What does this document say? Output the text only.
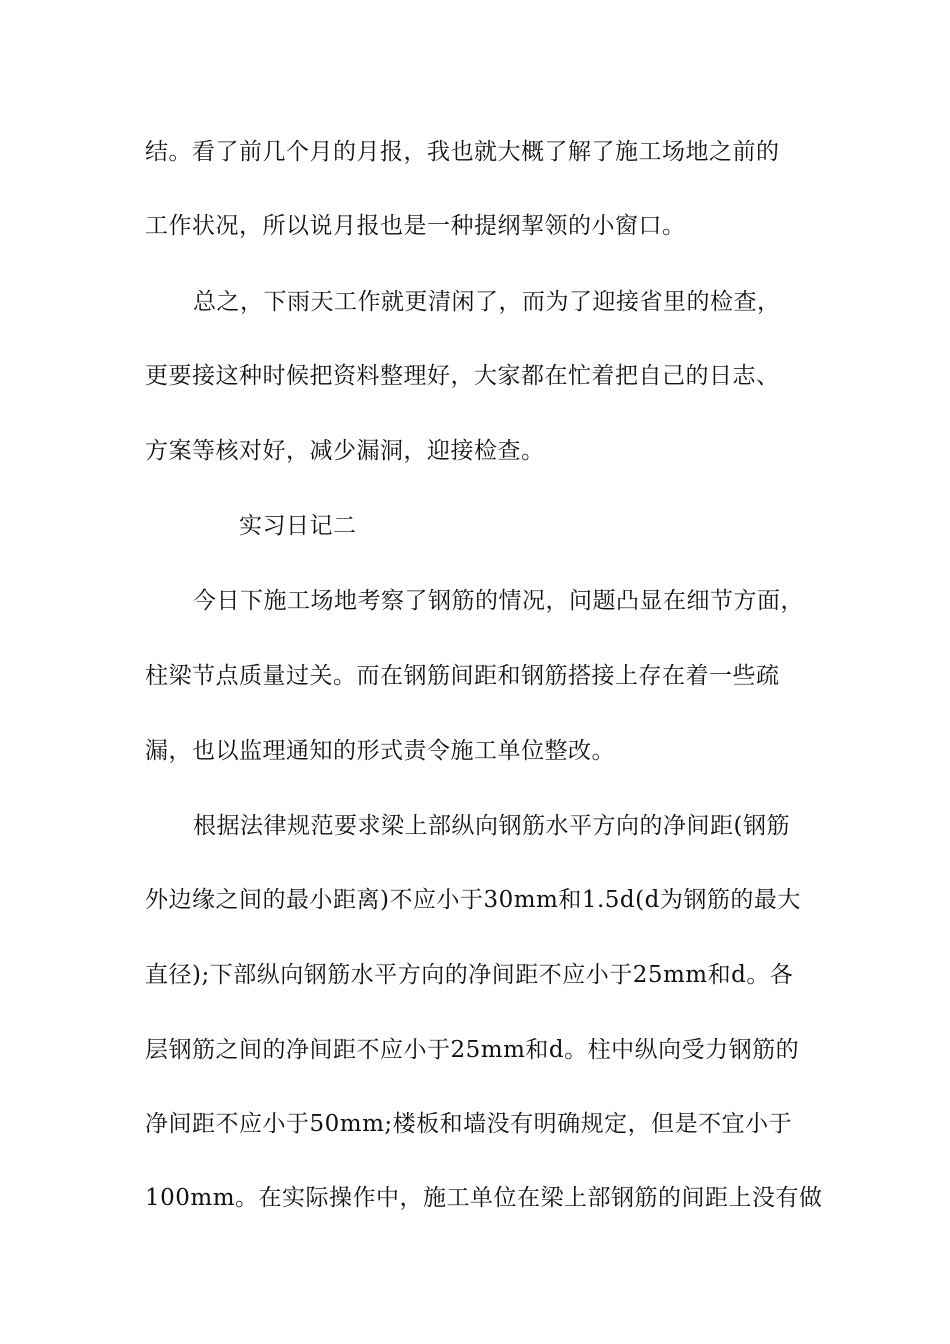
结。看了前几个月的月报，我也就大概了解了施工场地之前的
工作状况，所以说月报也是一种提纲挈领的小窗口。
总之，下雨天工作就更清闲了，而为了迎接省里的检查，
更要接这种时候把资料整理好，大家都在忙着把自己的日志、
方案等核对好，减少漏洞，迎接检查。
实习日记二
今日下施工场地考察了钢筋的情况，问题凸显在细节方面，
柱梁节点质量过关。而在钢筋间距和钢筋搭接上存在着一些疏
漏，也以监理通知的形式责令施工单位整改。
根据法律规范要求梁上部纵向钢筋水平方向的净间距(钢筋
外边缘之间的最小距离)不应小于30mm和1.5d(d为钢筋的最大
直径);下部纵向钢筋水平方向的净间距不应小于25mm和d。各
层钢筋之间的净间距不应小于25mm和d。柱中纵向受力钢筋的
净间距不应小于50mm;楼板和墙没有明确规定，但是不宜小于
100mm。在实际操作中，施工单位在梁上部钢筋的间距上没有做
